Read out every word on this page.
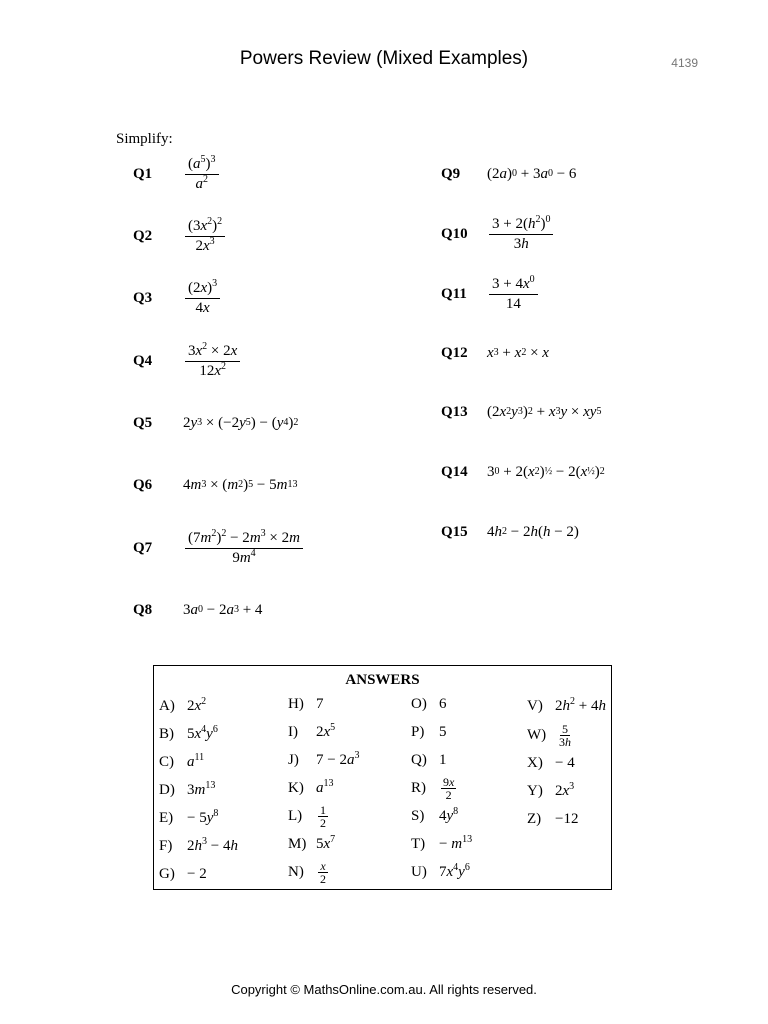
Powers Review (Mixed Examples)	4139
Simplify:
Q1	$\frac{(a^5)^3}{a^2}$
Q2	$\frac{(3x^2)^2}{2x^3}$
Q3	$\frac{(2x)^3}{4x}$
Q4	$\frac{3x^2 \times 2x}{12x^2}$
Q5	2 y 3 × (−2 y 5 ) − ( y 4 ) 2
Q6	4 m 3 × ( m 2 ) 5 − 5 m 13
Q7	$\frac{(7m^2)^2 - 2m^3 \times 2m}{9m^4}$
Q8	3 a 0 − 2 a 3 + 4
Q9	(2 a ) 0 + 3 a 0 − 6
Q10	$\frac{3 + 2(h^2)^0}{3h}$
Q11	$\frac{3 + 4x^0}{14}$
Q12	x 3 + x 2 × x
Q13	(2 x 2 y 3 ) 2 + x 3 y × xy 5
Q14	3 0 + 2( x 2 ) ½ − 2( x ½ ) 2
Q15	4 h 2 − 2 h ( h − 2)
ANSWERS
A) $2x^2$
B) $5x^4y^6$
C) $a^{11}$
D) $3m^{13}$
$E) - 5y^8$
F) $2h^3 - 4h$
G) − 2
H) 7
I)	$2x^5$
J)	$7 - 2a^3$
K) $a^{13}$
L)	$\frac{1}{2}$
M) $5x^7$
N)	$\frac{x}{2}$
O) 6
P) 5
Q) 1
R)	$\frac{9x}{2}$
S) $4y^8$
$T) - m^{13}$
U) $7x^4y^6$
V) $2h^2 + 4h$
$W) \frac{5}{3h}$
X) − 4
Y) $2x^3$
Z) −12
Copyright © MathsOnline.com.au. All rights reserved.
